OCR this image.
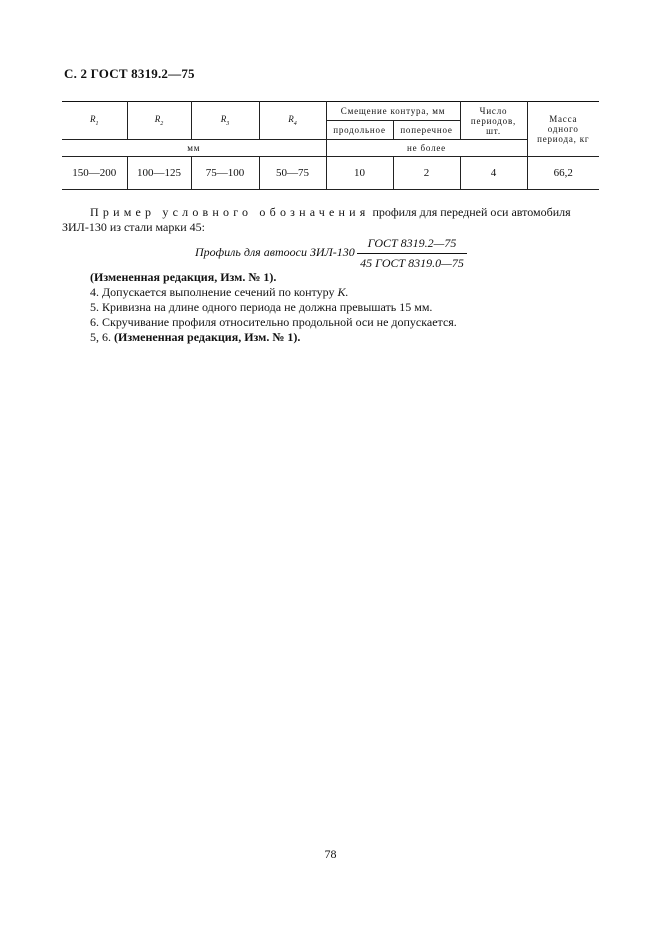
С. 2 ГОСТ 8319.2—75
$R_1$	$R_2$	$R_3$	$R_4$	Смещение контура, мм		Число периодов, шт.	Масса одного периода, кг
				продольное	поперечное		
мм				не более			
150—200	100—125	75—100	50—75	10	2	4	66,2
Пример условного обозначения профиля для передней оси автомобиля ЗИЛ-130 из стали марки 45:
Профиль для автооси ЗИЛ-130
ГОСТ 8319.2—75
45 ГОСТ 8319.0—75
(Измененная редакция, Изм. № 1).
4. Допускается выполнение сечений по контуру К.
5. Кривизна на длине одного периода не должна превышать 15 мм.
6. Скручивание профиля относительно продольной оси не допускается.
5, 6. (Измененная редакция, Изм. № 1).
78
